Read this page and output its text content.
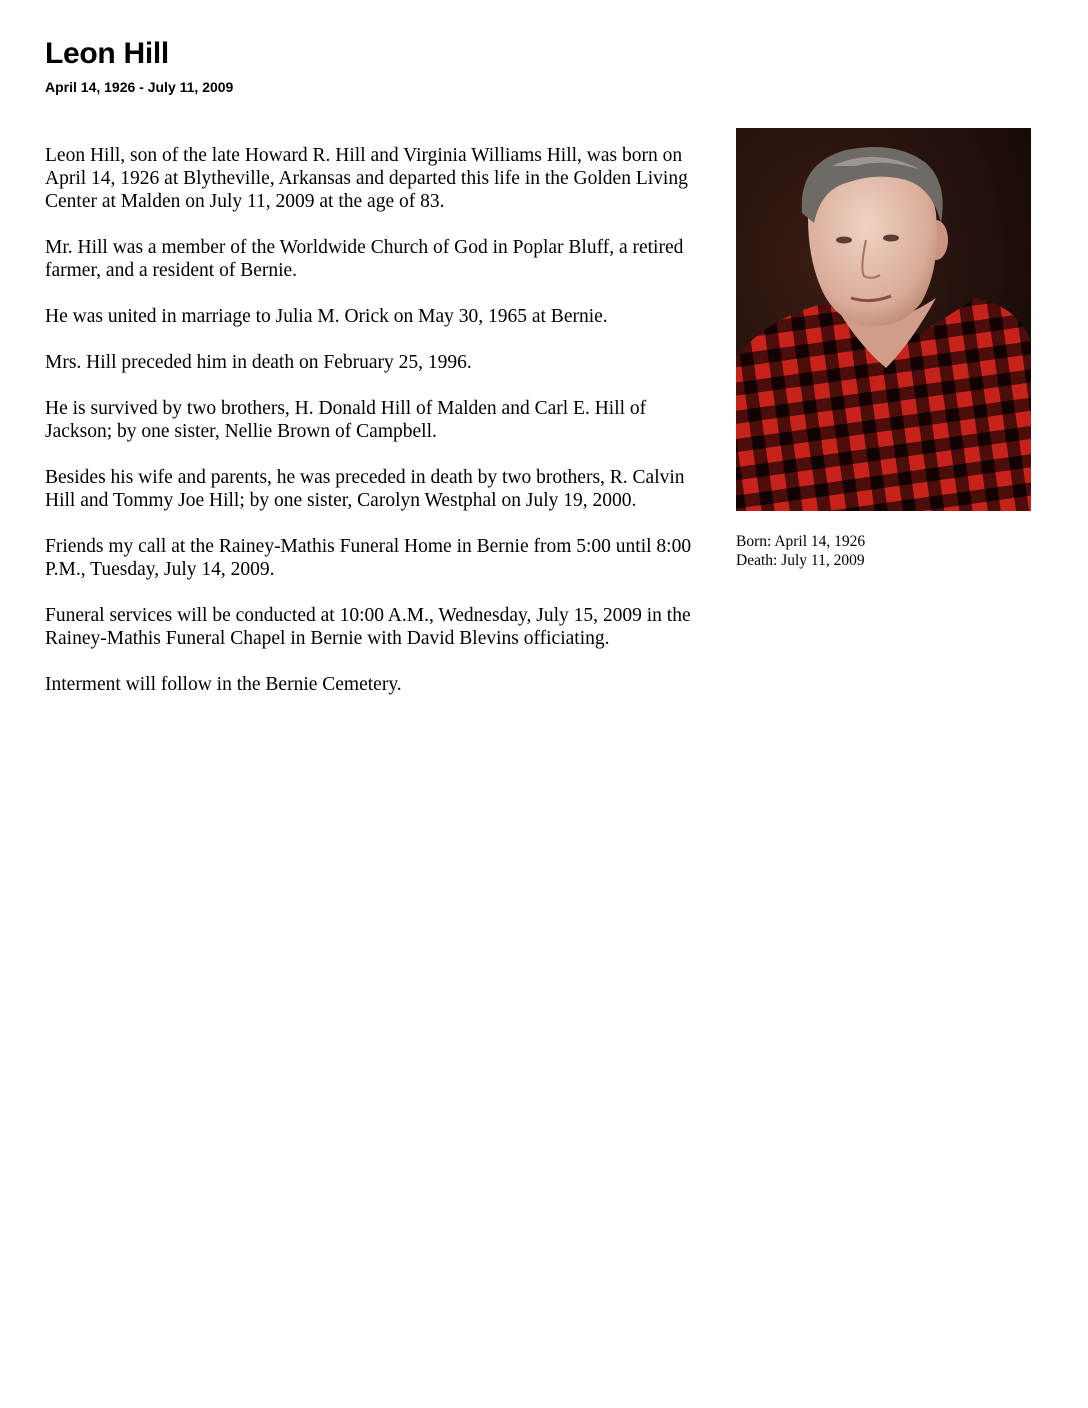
Leon Hill
April 14, 1926 - July 11, 2009

Leon Hill, son of the late Howard R. Hill and Virginia Williams Hill, was born on April 14, 1926 at Blytheville, Arkansas and departed this life in the Golden Living Center at Malden on July 11, 2009 at the age of 83.

Mr. Hill was a member of the Worldwide Church of God in Poplar Bluff, a retired farmer, and a resident of Bernie.

He was united in marriage to Julia M. Orick on May 30, 1965 at Bernie.

Mrs. Hill preceded him in death on February 25, 1996.

He is survived by two brothers, H. Donald Hill of Malden and Carl E. Hill of Jackson; by one sister, Nellie Brown of Campbell.

Besides his wife and parents, he was preceded in death by two brothers, R. Calvin Hill and Tommy Joe Hill; by one sister, Carolyn Westphal on July 19, 2000.

Friends my call at the Rainey-Mathis Funeral Home in Bernie from 5:00 until 8:00 P.M., Tuesday, July 14, 2009.

Funeral services will be conducted at 10:00 A.M., Wednesday, July 15, 2009 in the Rainey-Mathis Funeral Chapel in Bernie with David Blevins officiating.

Interment will follow in the Bernie Cemetery.

Born: April 14, 1926
Death: July 11, 2009
